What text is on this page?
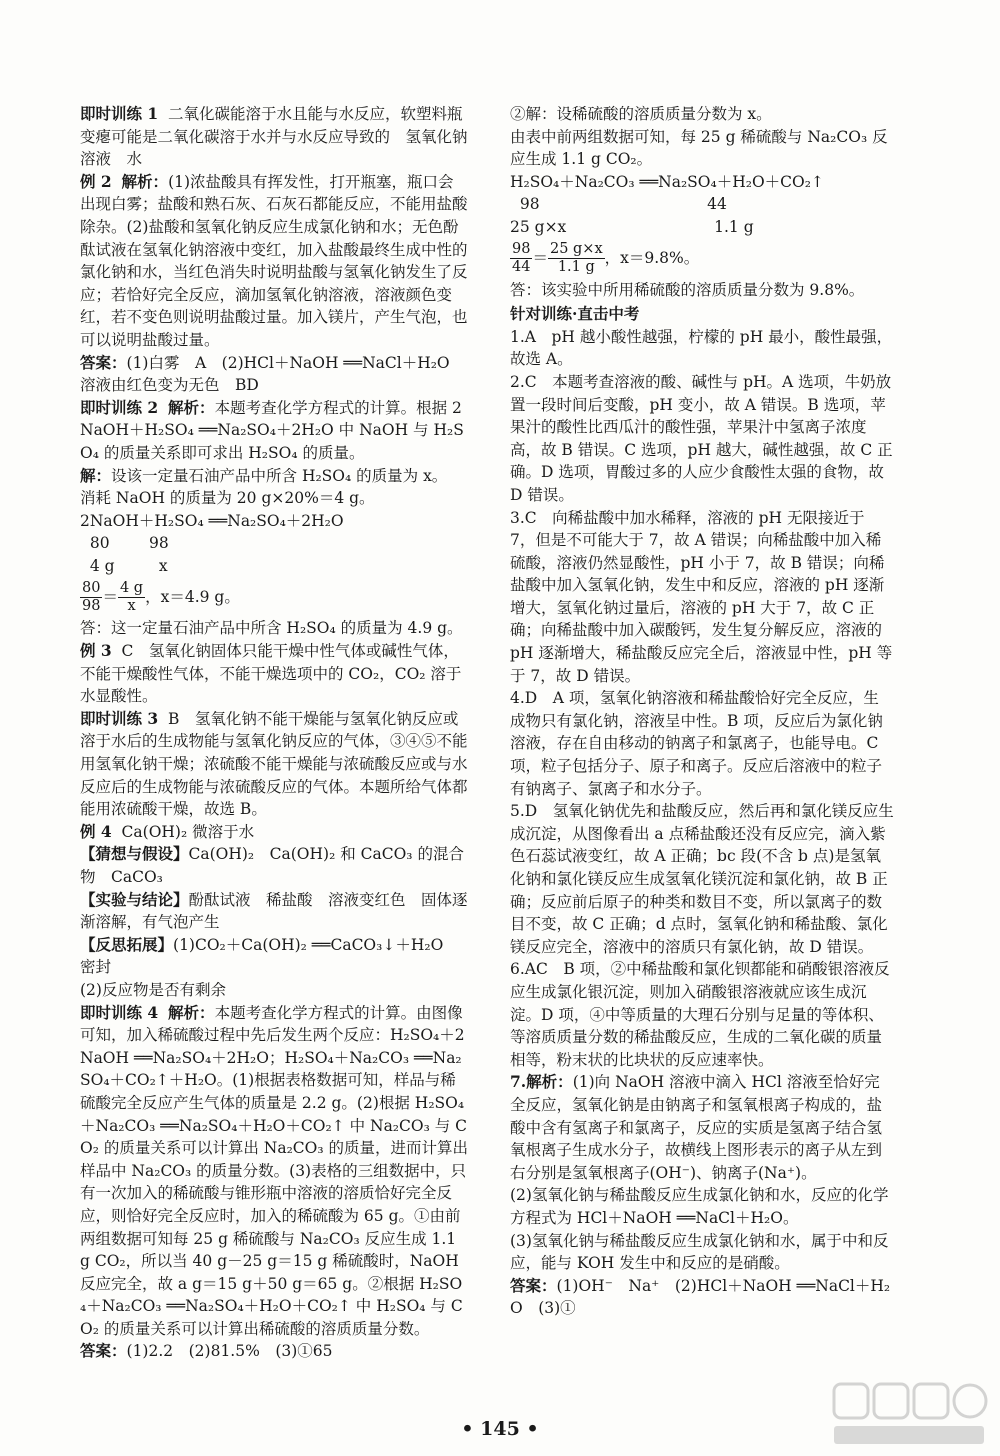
即时训练 1  二氧化碳能溶于水且能与水反应，软塑料瓶变瘪可能是二氧化碳溶于水并与水反应导致的　氢氧化钠溶液　水

例 2 解析：(1)浓盐酸具有挥发性，打开瓶塞，瓶口会出现白雾；盐酸和熟石灰、石灰石都能反应，不能用盐酸除杂。(2)盐酸和氢氧化钠反应生成氯化钠和水；无色酚酞试液在氢氧化钠溶液中变红，加入盐酸最终生成中性的氯化钠和水，当红色消失时说明盐酸与氢氧化钠发生了反应；若恰好完全反应，滴加氢氧化钠溶液，溶液颜色变红，若不变色则说明盐酸过量。加入镁片，产生气泡，也可以说明盐酸过量。

答案：(1)白雾　A　(2)HCl＋NaOH ══NaCl＋H₂O　溶液由红色变为无色　BD

即时训练 2 解析：本题考查化学方程式的计算。根据 2NaOH＋H₂SO₄ ══Na₂SO₄＋2H₂O 中 NaOH 与 H₂SO₄ 的质量关系即可求出 H₂SO₄ 的质量。

解：设该一定量石油产品中所含 H₂SO₄ 的质量为 x。

消耗 NaOH 的质量为 20 g×20%＝4 g。

2NaOH＋H₂SO₄ ══Na₂SO₄＋2H₂O

80        98

4 g         x

$\frac{80}{98} = \frac{4 g}{x}$ ，x＝4.9 g。

答：这一定量石油产品中所含 H₂SO₄ 的质量为 4.9 g。

例 3  C　氢氧化钠固体只能干燥中性气体或碱性气体，不能干燥酸性气体，不能干燥选项中的 CO₂，CO₂ 溶于水显酸性。

即时训练 3  B　氢氧化钠不能干燥能与氢氧化钠反应或溶于水后的生成物能与氢氧化钠反应的气体，③④⑤不能用氢氧化钠干燥；浓硫酸不能干燥能与浓硫酸反应或与水反应后的生成物能与浓硫酸反应的气体。本题所给气体都能用浓硫酸干燥，故选 B。

例 4  Ca(OH)₂ 微溶于水

【猜想与假设】Ca(OH)₂　Ca(OH)₂ 和 CaCO₃ 的混合物　CaCO₃

【实验与结论】酚酞试液　稀盐酸　溶液变红色　固体逐渐溶解，有气泡产生

【反思拓展】(1)CO₂＋Ca(OH)₂ ══CaCO₃↓＋H₂O　密封

(2)反应物是否有剩余

即时训练 4 解析：本题考查化学方程式的计算。由图像可知，加入稀硫酸过程中先后发生两个反应：H₂SO₄＋2NaOH ══Na₂SO₄＋2H₂O；H₂SO₄＋Na₂CO₃ ══Na₂SO₄＋CO₂↑＋H₂O。(1)根据表格数据可知，样品与稀硫酸完全反应产生气体的质量是 2.2 g。(2)根据 H₂SO₄＋Na₂CO₃ ══Na₂SO₄＋H₂O＋CO₂↑ 中 Na₂CO₃ 与 CO₂ 的质量关系可以计算出 Na₂CO₃ 的质量，进而计算出样品中 Na₂CO₃ 的质量分数。(3)表格的三组数据中，只有一次加入的稀硫酸与锥形瓶中溶液的溶质恰好完全反应，则恰好完全反应时，加入的稀硫酸为 65 g。①由前两组数据可知每 25 g 稀硫酸与 Na₂CO₃ 反应生成 1.1 g CO₂，所以当 40 g－25 g＝15 g 稀硫酸时，NaOH 反应完全，故 a g＝15 g＋50 g＝65 g。②根据 H₂SO₄＋Na₂CO₃ ══Na₂SO₄＋H₂O＋CO₂↑ 中 H₂SO₄ 与 CO₂ 的质量关系可以计算出稀硫酸的溶质质量分数。

答案：(1)2.2　(2)81.5%　(3)①65

②解：设稀硫酸的溶质质量分数为 x。

由表中前两组数据可知，每 25 g 稀硫酸与 Na₂CO₃ 反应生成 1.1 g CO₂。

H₂SO₄＋Na₂CO₃ ══Na₂SO₄＋H₂O＋CO₂↑

98                                  44

25 g×x                              1.1 g

$\frac{98}{44} = \frac{25 g\times x}{1.1 g}$ ，x＝9.8%。

答：该实验中所用稀硫酸的溶质质量分数为 9.8%。

针对训练·直击中考

1.A　pH 越小酸性越强，柠檬的 pH 最小，酸性最强，故选 A。

2.C　本题考查溶液的酸、碱性与 pH。A 选项，牛奶放置一段时间后变酸，pH 变小，故 A 错误。B 选项，苹果汁的酸性比西瓜汁的酸性强，苹果汁中氢离子浓度高，故 B 错误。C 选项，pH 越大，碱性越强，故 C 正确。D 选项，胃酸过多的人应少食酸性太强的食物，故 D 错误。

3.C　向稀盐酸中加水稀释，溶液的 pH 无限接近于 7，但是不可能大于 7，故 A 错误；向稀盐酸中加入稀硫酸，溶液仍然显酸性，pH 小于 7，故 B 错误；向稀盐酸中加入氢氧化钠，发生中和反应，溶液的 pH 逐渐增大，氢氧化钠过量后，溶液的 pH 大于 7，故 C 正确；向稀盐酸中加入碳酸钙，发生复分解反应，溶液的 pH 逐渐增大，稀盐酸反应完全后，溶液显中性，pH 等于 7，故 D 错误。

4.D　A 项，氢氧化钠溶液和稀盐酸恰好完全反应，生成物只有氯化钠，溶液呈中性。B 项，反应后为氯化钠溶液，存在自由移动的钠离子和氯离子，也能导电。C 项，粒子包括分子、原子和离子。反应后溶液中的粒子有钠离子、氯离子和水分子。

5.D　氢氧化钠优先和盐酸反应，然后再和氯化镁反应生成沉淀，从图像看出 a 点稀盐酸还没有反应完，滴入紫色石蕊试液变红，故 A 正确；bc 段(不含 b 点)是氢氧化钠和氯化镁反应生成氢氧化镁沉淀和氯化钠，故 B 正确；反应前后原子的种类和数目不变，所以氯离子的数目不变，故 C 正确；d 点时，氢氧化钠和稀盐酸、氯化镁反应完全，溶液中的溶质只有氯化钠，故 D 错误。

6.AC　B 项，②中稀盐酸和氯化钡都能和硝酸银溶液反应生成氯化银沉淀，则加入硝酸银溶液就应该生成沉淀。D 项，④中等质量的大理石分别与足量的等体积、等溶质质量分数的稀盐酸反应，生成的二氧化碳的质量相等，粉末状的比块状的反应速率快。

7.解析：(1)向 NaOH 溶液中滴入 HCl 溶液至恰好完全反应，氢氧化钠是由钠离子和氢氧根离子构成的，盐酸中含有氢离子和氯离子，反应的实质是氢离子结合氢氧根离子生成水分子，故横线上图形表示的离子从左到右分别是氢氧根离子(OH⁻)、钠离子(Na⁺)。

(2)氢氧化钠与稀盐酸反应生成氯化钠和水，反应的化学方程式为 HCl＋NaOH ══NaCl＋H₂O。

(3)氢氧化钠与稀盐酸反应生成氯化钠和水，属于中和反应，能与 KOH 发生中和反应的是硝酸。

答案：(1)OH⁻　Na⁺　(2)HCl＋NaOH ══NaCl＋H₂O　(3)①

• 145 •
